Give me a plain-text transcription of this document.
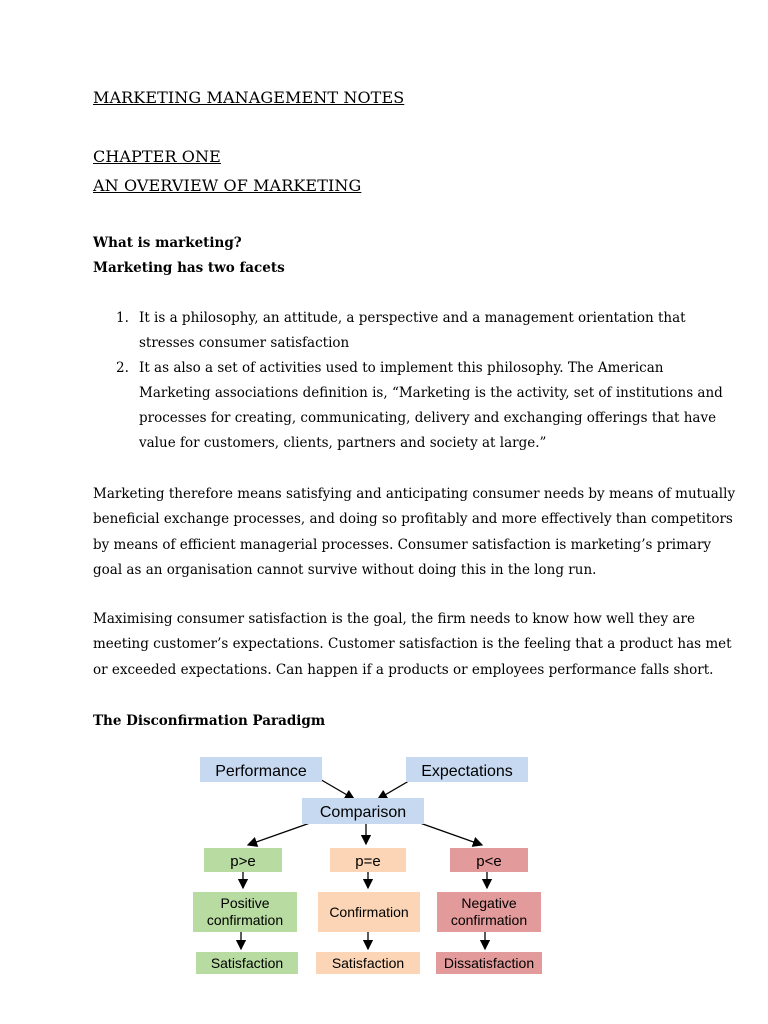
MARKETING MANAGEMENT NOTES
CHAPTER ONE
AN OVERVIEW OF MARKETING
What is marketing?
Marketing has two facets
1. It is a philosophy, an attitude, a perspective and a management orientation that
stresses consumer satisfaction
2. It as also a set of activities used to implement this philosophy. The American
Marketing associations definition is, “Marketing is the activity, set of institutions and
processes for creating, communicating, delivery and exchanging offerings that have
value for customers, clients, partners and society at large.”
Marketing therefore means satisfying and anticipating consumer needs by means of mutually
beneficial exchange processes, and doing so profitably and more effectively than competitors
by means of efficient managerial processes. Consumer satisfaction is marketing’s primary
goal as an organisation cannot survive without doing this in the long run.
Maximising consumer satisfaction is the goal, the firm needs to know how well they are
meeting customer’s expectations. Customer satisfaction is the feeling that a product has met
or exceeded expectations. Can happen if a products or employees performance falls short.
The Disconfirmation Paradigm
Performance	Expectations
Comparison
p>e	p=e	p<e
Positive
confirmation	Confirmation
Negative
confirmation
Satisfaction	Satisfaction	Dissatisfaction
